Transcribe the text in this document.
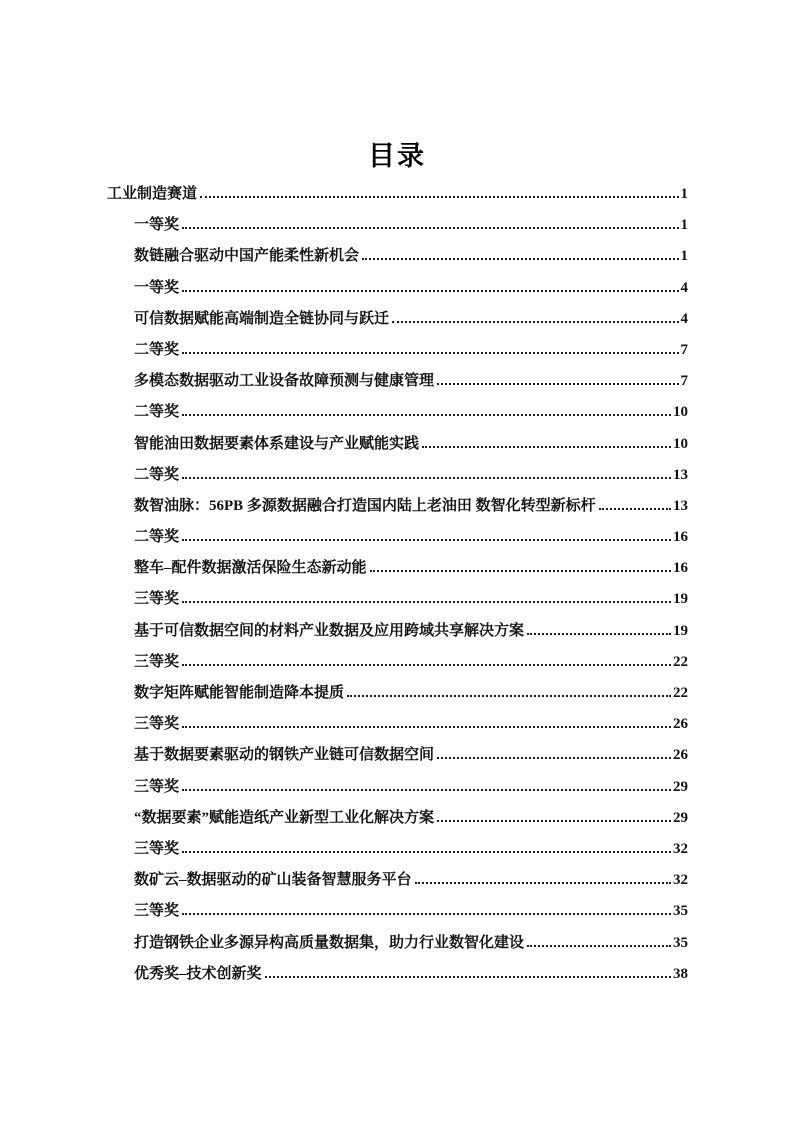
目录
工业制造赛道	1
一等奖	1
数链融合驱动中国产能柔性新机会	1
一等奖	4
可信数据赋能高端制造全链协同与跃迁	4
二等奖	7
多模态数据驱动工业设备故障预测与健康管理	7
二等奖	10
智能油田数据要素体系建设与产业赋能实践	10
二等奖	13
数智油脉：56PB 多源数据融合打造国内陆上老油田 数智化转型新标杆	13
二等奖	16
整车–配件数据激活保险生态新动能	16
三等奖	19
基于可信数据空间的材料产业数据及应用跨域共享解决方案	19
三等奖	22
数字矩阵赋能智能制造降本提质	22
三等奖	26
基于数据要素驱动的钢铁产业链可信数据空间	26
三等奖	29
“数据要素”赋能造纸产业新型工业化解决方案	29
三等奖	32
数矿云–数据驱动的矿山装备智慧服务平台	32
三等奖	35
打造钢铁企业多源异构高质量数据集，助力行业数智化建设	35
优秀奖–技术创新奖	38
